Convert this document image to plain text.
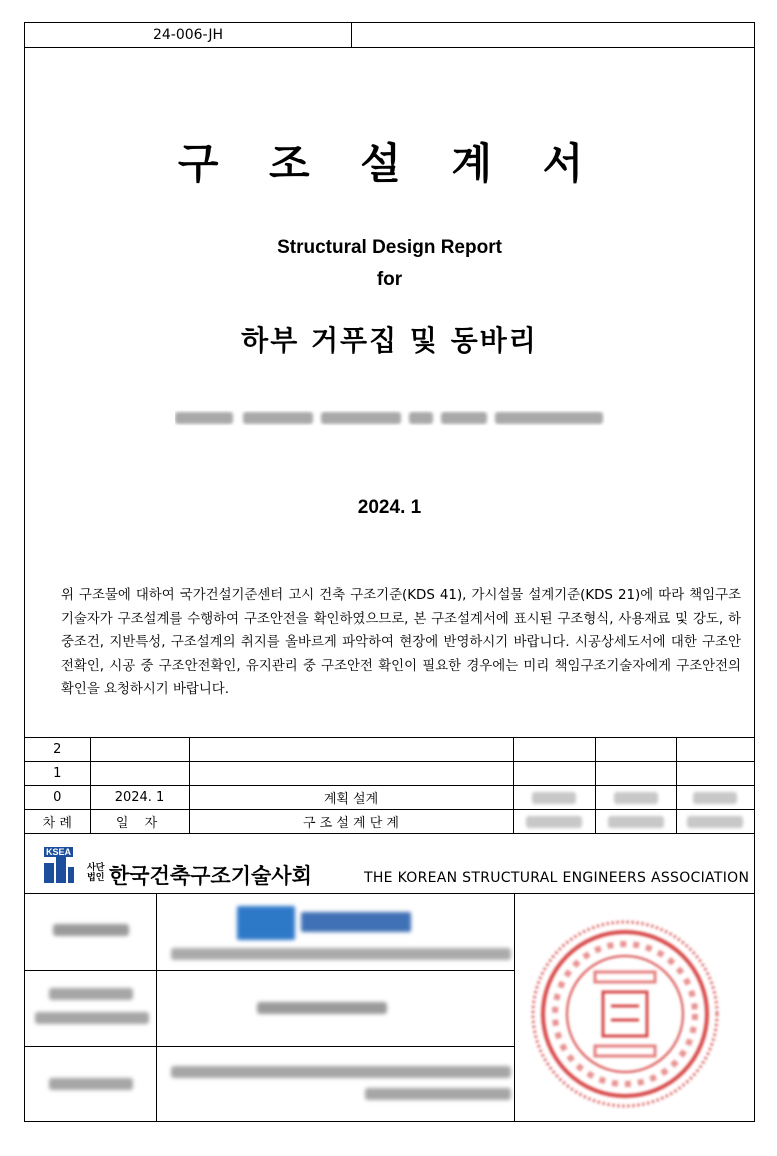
24-006-JH
구 조 설 계 서
Structural Design Report
for
하부 거푸집 및 동바리
2024. 1
위 구조물에 대하여 국가건설기준센터 고시 건축 구조기준(KDS 41), 가시설물 설계기준(KDS 21)에 따라 책임구조기술자가 구조설계를 수행하여 구조안전을 확인하였으므로, 본 구조설계서에 표시된 구조형식, 사용재료 및 강도, 하중조건, 지반특성, 구조설계의 취지를 올바르게 파악하여 현장에 반영하시기 바랍니다. 시공상세도서에 대한 구조안전확인, 시공 중 구조안전확인, 유지관리 중 구조안전 확인이 필요한 경우에는 미리 책임구조기술자에게 구조안전의 확인을 요청하시기 바랍니다.
2					
1					
0	2024. 1	계획 설계			
차 례	일 자	구 조 설 계 단 계			
KSEA
사단
법인 한국건축구조기술사회	THE KOREAN STRUCTURAL ENGINEERS ASSOCIATION
